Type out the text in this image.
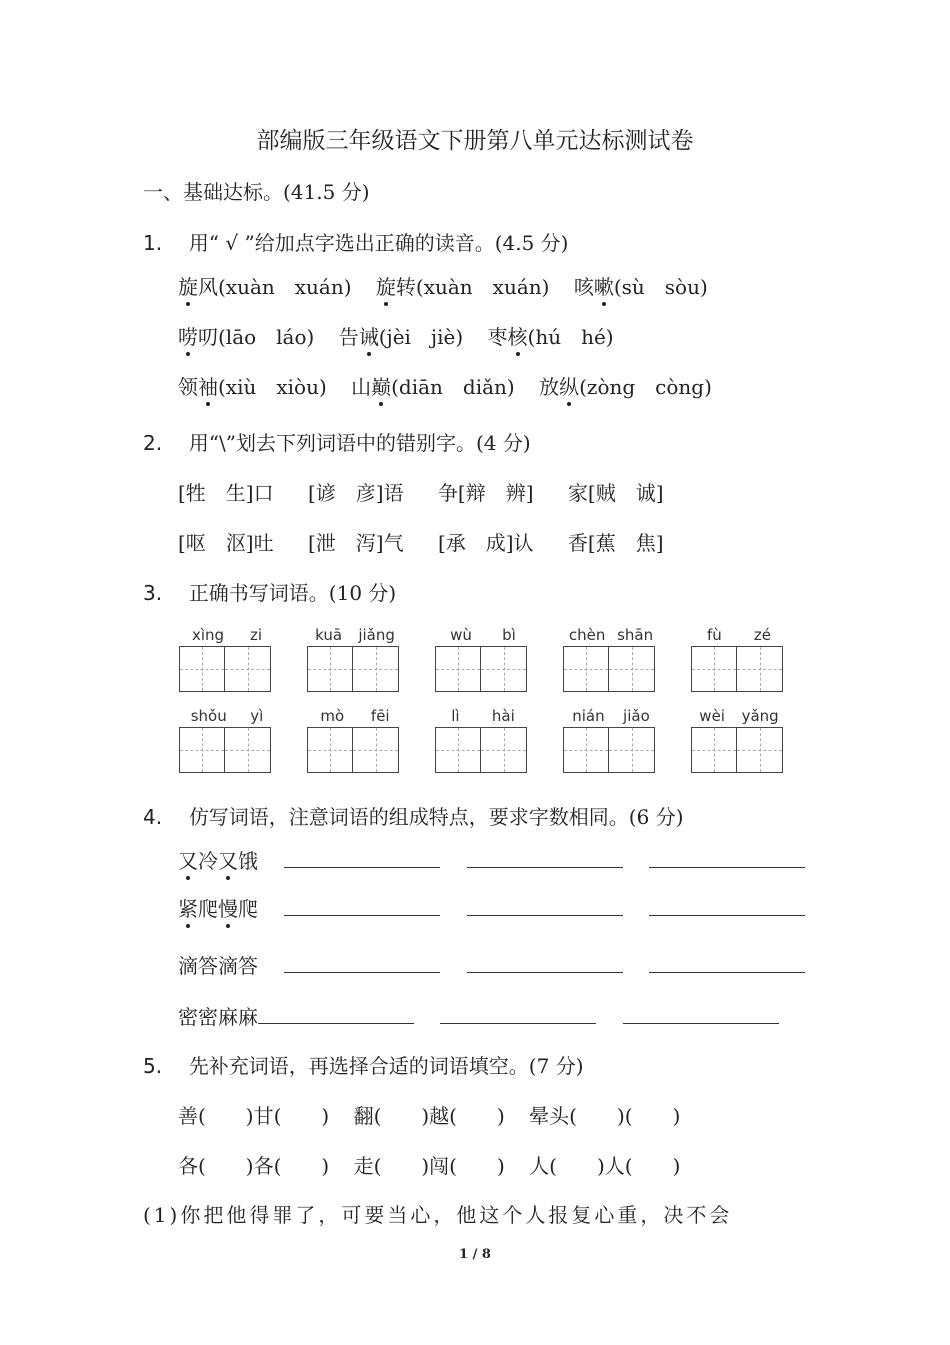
部编版三年级语文下册第八单元达标测试卷
一、基础达标。(41.5 分)
1. 用“ √ ”给加点字选出正确的读音。(4.5 分)
旋风(xuàn　xuán) 旋转(xuàn　xuán) 咳嗽(sù　sòu)
唠叨(lāo　láo) 告诫(jèi　jiè) 枣核(hú　hé)
领袖(xiù　xiòu) 山巅(diān　diǎn) 放纵(zòng　còng)
2. 用“\”划去下列词语中的错别字。(4 分)
[牲　生]口 [谚　彦]语 争[辩　辨] 家[贼　诚]
[呕　沤]吐 [泄　泻]气 [承　成]认 香[蕉　焦]
3. 正确书写词语。(10 分)
xìng zi	kuā jiǎng	wù bì	chèn shān	fù zé
shǒu yì	mò fēi	lì hài	nián jiǎo	wèi yǎng
4. 仿写词语，注意词语的组成特点，要求字数相同。(6 分)
又冷又饿
紧爬慢爬
滴答滴答
密密麻麻
5. 先补充词语，再选择合适的词语填空。(7 分)
善(　　)甘(　　) 翻(　　)越(　　) 晕头(　　)(　　)
各(　　)各(　　) 走(　　)闯(　　) 人(　　)人(　　)
(1)你把他得罪了，可要当心，他这个人报复心重，决不会
1 / 8
